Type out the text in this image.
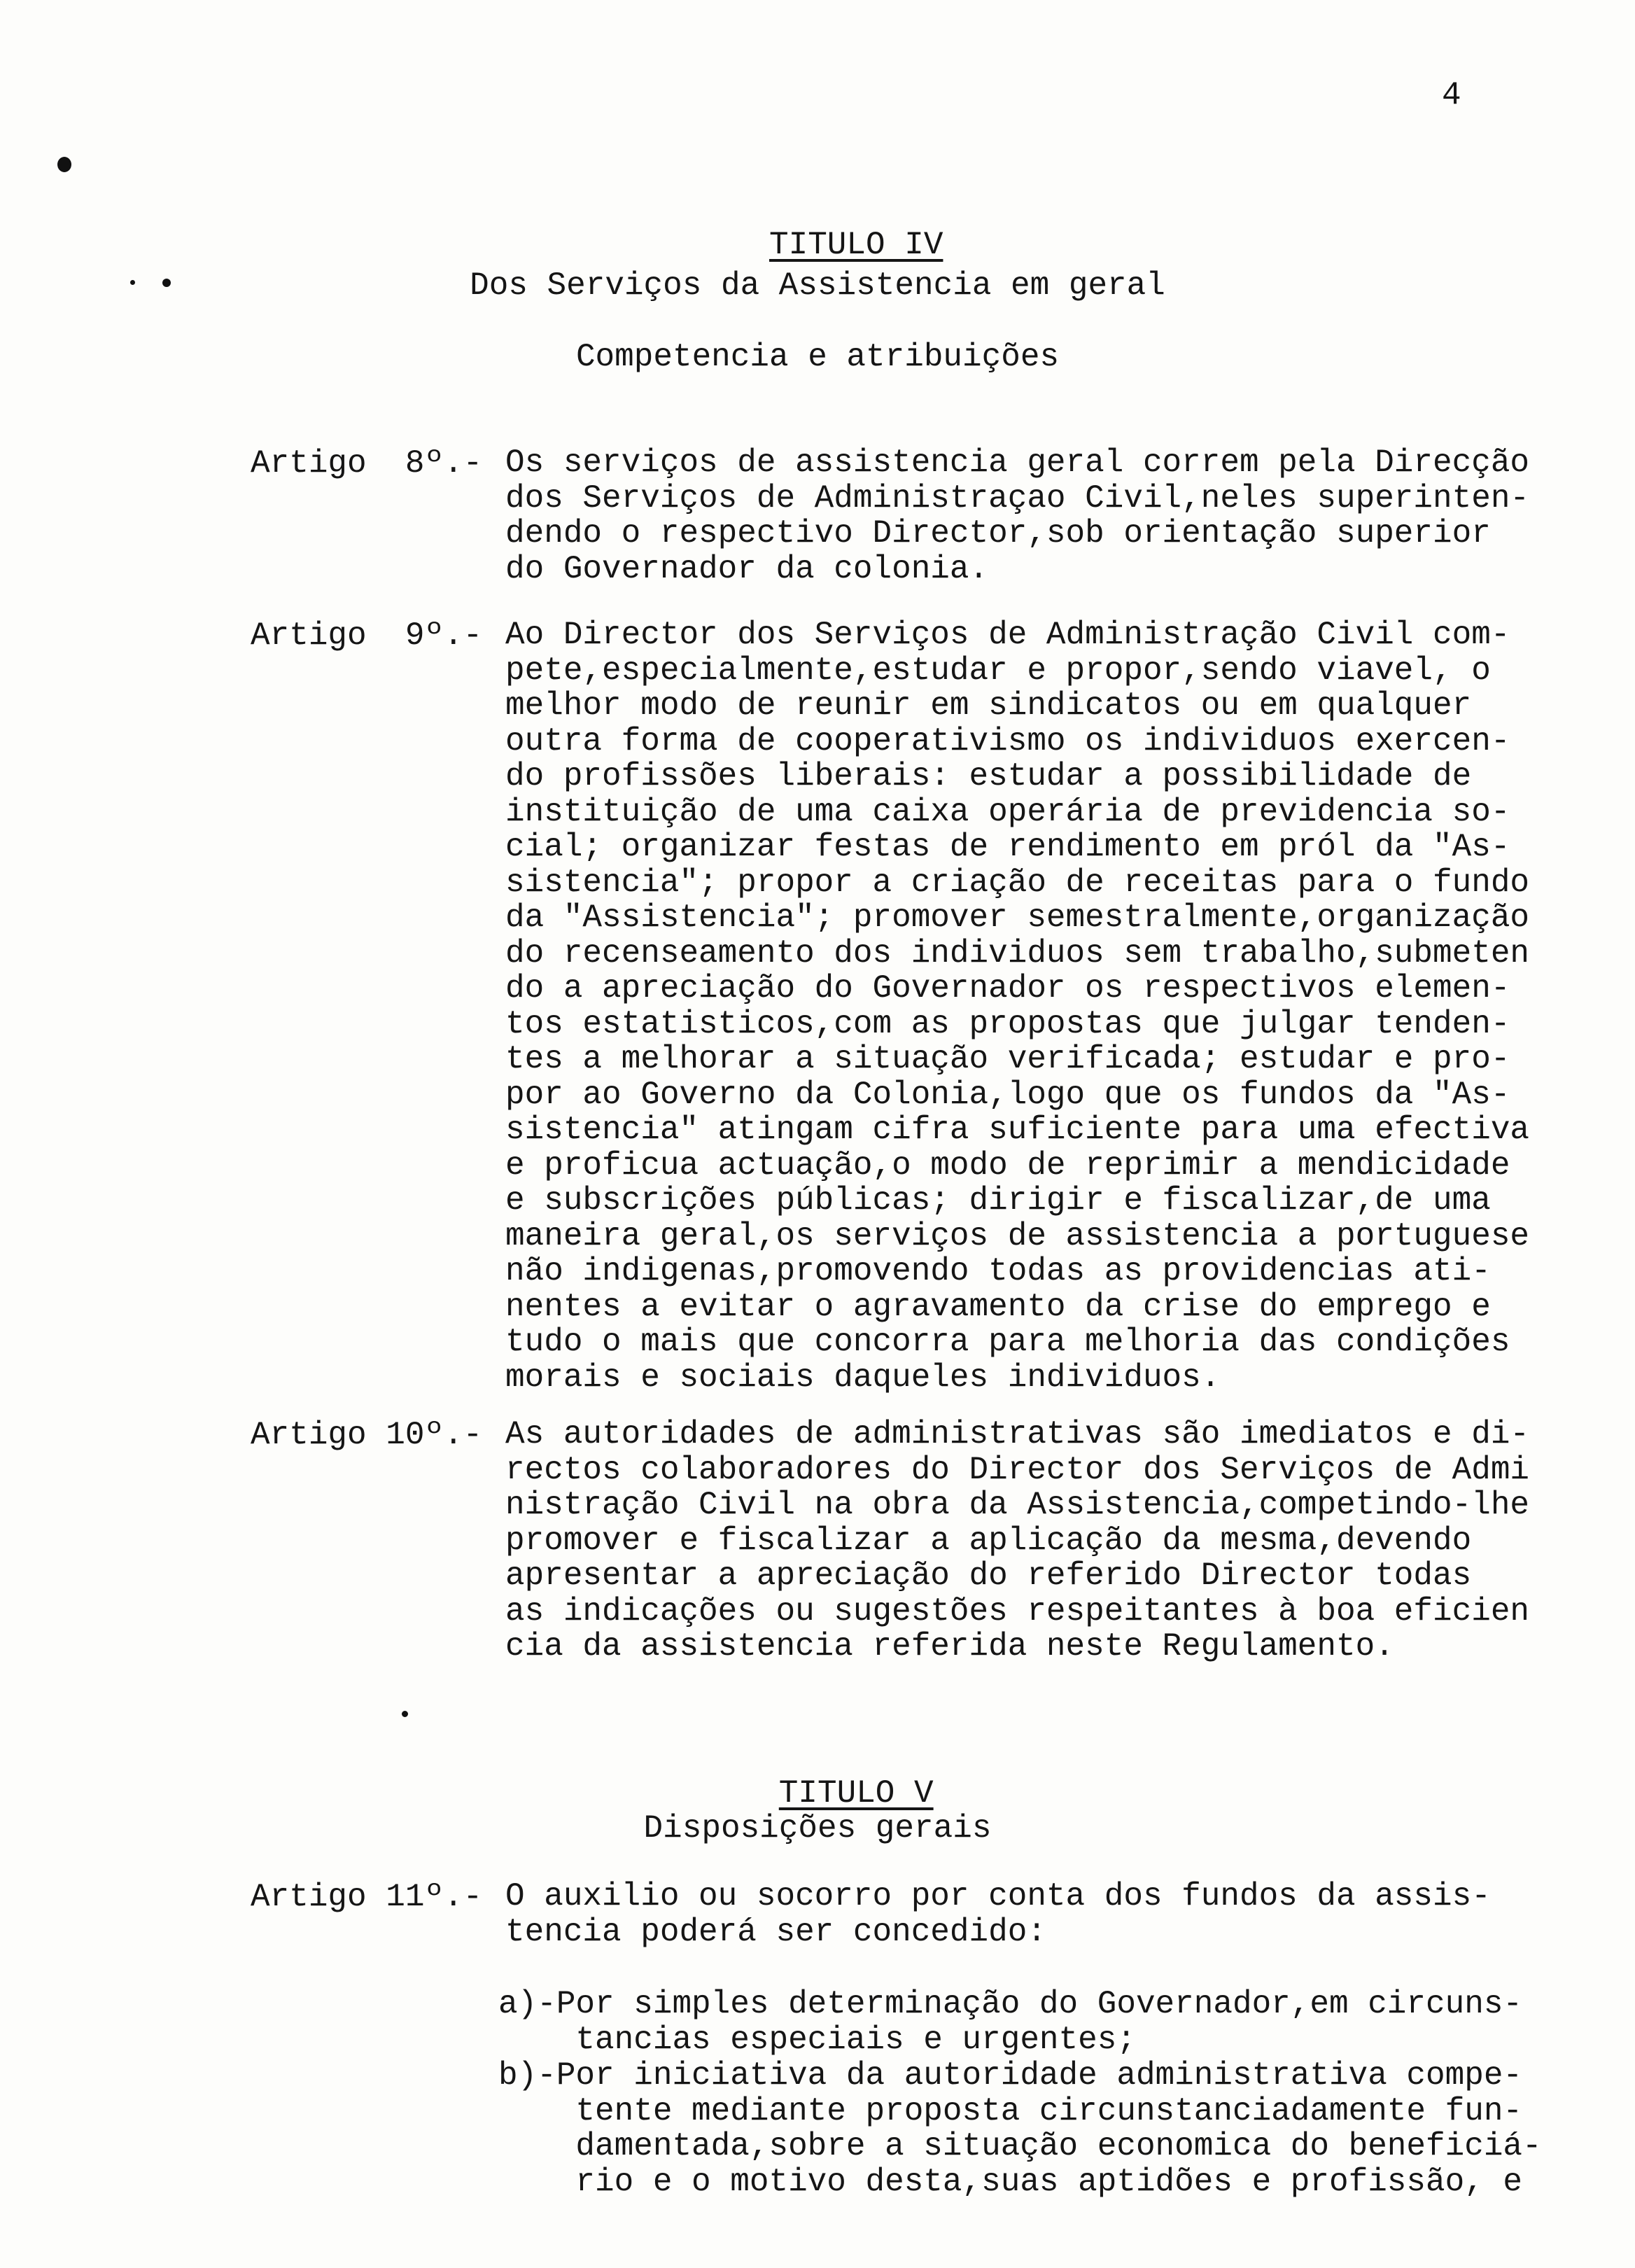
4

TITULO IV

Dos Serviços da Assistencia em geral
Competencia e atribuições
Artigo  8º.- Os serviços de assistencia geral correm pela Direcção
dos Serviços de Administraçao Civil,neles superinten-
dendo o respectivo Director,sob orientação superior
do Governador da colonia.
Artigo  9º.- Ao Director dos Serviços de Administração Civil com-
pete,especialmente,estudar e propor,sendo viavel, o
melhor modo de reunir em sindicatos ou em qualquer
outra forma de cooperativismo os individuos exercen-
do profissões liberais: estudar a possibilidade de
instituição de uma caixa operária de previdencia so-
cial; organizar festas de rendimento em pról da "As-
sistencia"; propor a criação de receitas para o fundo
da "Assistencia"; promover semestralmente,organização
do recenseamento dos individuos sem trabalho,submeten
do a apreciação do Governador os respectivos elemen-
tos estatisticos,com as propostas que julgar tenden-
tes a melhorar a situação verificada; estudar e pro-
por ao Governo da Colonia,logo que os fundos da "As-
sistencia" atingam cifra suficiente para uma efectiva
e proficua actuação,o modo de reprimir a mendicidade
e subscrições públicas; dirigir e fiscalizar,de uma
maneira geral,os serviços de assistencia a portuguese
não indigenas,promovendo todas as providencias ati-
nentes a evitar o agravamento da crise do emprego e
tudo o mais que concorra para melhoria das condições
morais e sociais daqueles individuos.
Artigo 10º.- As autoridades de administrativas são imediatos e di-
rectos colaboradores do Director dos Serviços de Admi
nistração Civil na obra da Assistencia,competindo-lhe
promover e fiscalizar a aplicação da mesma,devendo
apresentar a apreciação do referido Director todas
as indicações ou sugestões respeitantes à boa eficien
cia da assistencia referida neste Regulamento.

TITULO V

Disposições gerais
Artigo 11º.- O auxilio ou socorro por conta dos fundos da assis-
tencia poderá ser concedido:
a)-Por simples determinação do Governador,em circuns-
tancias especiais e urgentes;
b)-Por iniciativa da autoridade administrativa compe-
tente mediante proposta circunstanciadamente fun-
damentada,sobre a situação economica do beneficiá-
rio e o motivo desta,suas aptidões e profissão, e
